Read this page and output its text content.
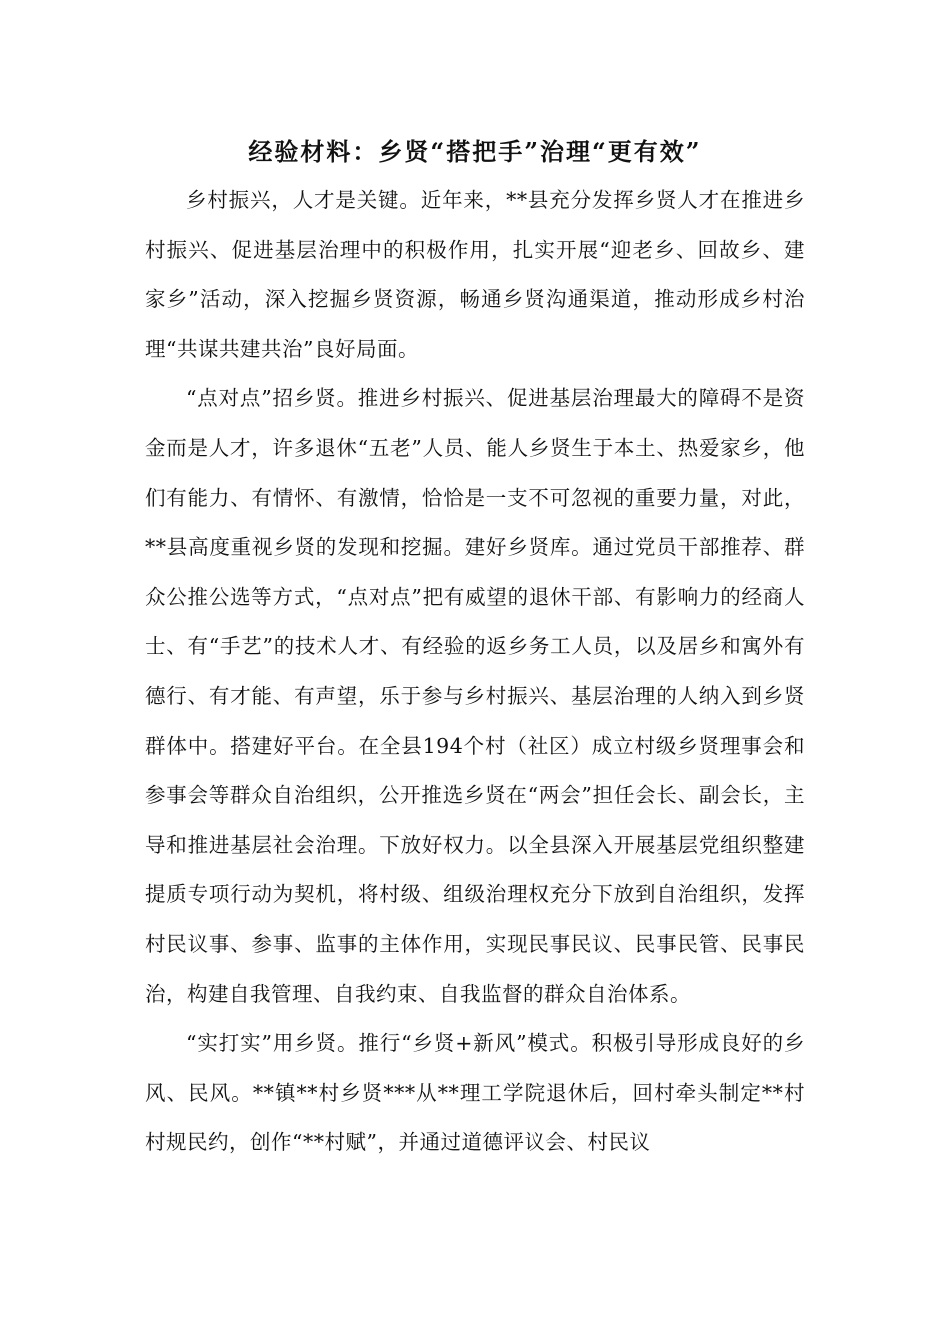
经验材料：乡贤“搭把手”治理“更有效”

乡村振兴，人才是关键。近年来，**县充分发挥乡贤人才在推进乡村振兴、促进基层治理中的积极作用，扎实开展“迎老乡、回故乡、建家乡”活动，深入挖掘乡贤资源，畅通乡贤沟通渠道，推动形成乡村治理“共谋共建共治”良好局面。

“点对点”招乡贤。推进乡村振兴、促进基层治理最大的障碍不是资金而是人才，许多退休“五老”人员、能人乡贤生于本土、热爱家乡，他们有能力、有情怀、有激情，恰恰是一支不可忽视的重要力量，对此，**县高度重视乡贤的发现和挖掘。建好乡贤库。通过党员干部推荐、群众公推公选等方式，“点对点”把有威望的退休干部、有影响力的经商人士、有“手艺”的技术人才、有经验的返乡务工人员，以及居乡和寓外有德行、有才能、有声望，乐于参与乡村振兴、基层治理的人纳入到乡贤群体中。搭建好平台。在全县194个村（社区）成立村级乡贤理事会和参事会等群众自治组织，公开推选乡贤在“两会”担任会长、副会长，主导和推进基层社会治理。下放好权力。以全县深入开展基层党组织整建提质专项行动为契机，将村级、组级治理权充分下放到自治组织，发挥村民议事、参事、监事的主体作用，实现民事民议、民事民管、民事民治，构建自我管理、自我约束、自我监督的群众自治体系。

“实打实”用乡贤。推行“乡贤+新风”模式。积极引导形成良好的乡风、民风。**镇**村乡贤***从**理工学院退休后，回村牵头制定**村村规民约，创作“**村赋”，并通过道德评议会、村民议
